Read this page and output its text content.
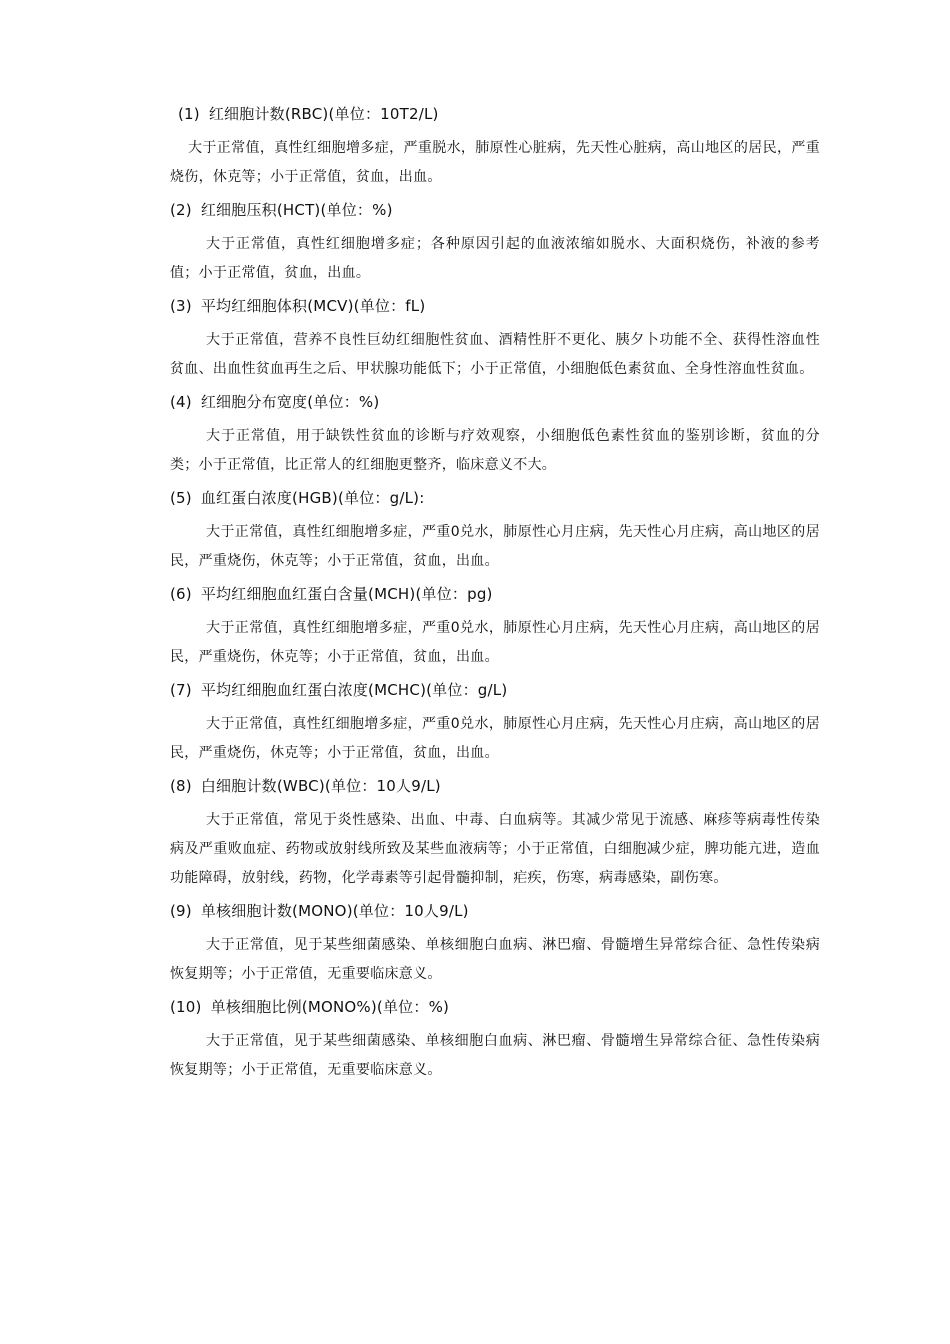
(1) 红细胞计数(RBC)(单位：10T2/L)

大于正常值，真性红细胞增多症，严重脱水，肺原性心脏病，先天性心脏病，高山地区的居民，严重烧伤，休克等；小于正常值，贫血，出血。

(2) 红细胞压积(HCT)(单位：%)

大于正常值，真性红细胞增多症；各种原因引起的血液浓缩如脱水、大面积烧伤，补液的参考值；小于正常值，贫血，出血。

(3) 平均红细胞体积(MCV)(单位：fL)

大于正常值，营养不良性巨幼红细胞性贫血、酒精性肝不更化、胰夕卜功能不全、获得性溶血性贫血、出血性贫血再生之后、甲状腺功能低下；小于正常值，小细胞低色素贫血、全身性溶血性贫血。

(4) 红细胞分布宽度(单位：%)

大于正常值，用于缺铁性贫血的诊断与疗效观察，小细胞低色素性贫血的鉴别诊断，贫血的分类；小于正常值，比正常人的红细胞更整齐，临床意义不大。

(5) 血红蛋白浓度(HGB)(单位：g/L):

大于正常值，真性红细胞增多症，严重0兑水，肺原性心月庄病，先天性心月庄病，高山地区的居民，严重烧伤，休克等；小于正常值，贫血，出血。

(6) 平均红细胞血红蛋白含量(MCH)(单位：pg)

大于正常值，真性红细胞增多症，严重0兑水，肺原性心月庄病，先天性心月庄病，高山地区的居民，严重烧伤，休克等；小于正常值，贫血，出血。

(7) 平均红细胞血红蛋白浓度(MCHC)(单位：g/L)

大于正常值，真性红细胞增多症，严重0兑水，肺原性心月庄病，先天性心月庄病，高山地区的居民，严重烧伤，休克等；小于正常值，贫血，出血。

(8) 白细胞计数(WBC)(单位：10人9/L)

大于正常值，常见于炎性感染、出血、中毒、白血病等。其减少常见于流感、麻疹等病毒性传染病及严重败血症、药物或放射线所致及某些血液病等；小于正常值，白细胞减少症，脾功能亢进，造血功能障碍，放射线，药物，化学毒素等引起骨髓抑制，疟疾，伤寒，病毒感染，副伤寒。

(9) 单核细胞计数(MONO)(单位：10人9/L)

大于正常值，见于某些细菌感染、单核细胞白血病、淋巴瘤、骨髓增生异常综合征、急性传染病恢复期等；小于正常值，无重要临床意义。

(10) 单核细胞比例(MONO%)(单位：%)

大于正常值，见于某些细菌感染、单核细胞白血病、淋巴瘤、骨髓增生异常综合征、急性传染病恢复期等；小于正常值，无重要临床意义。
